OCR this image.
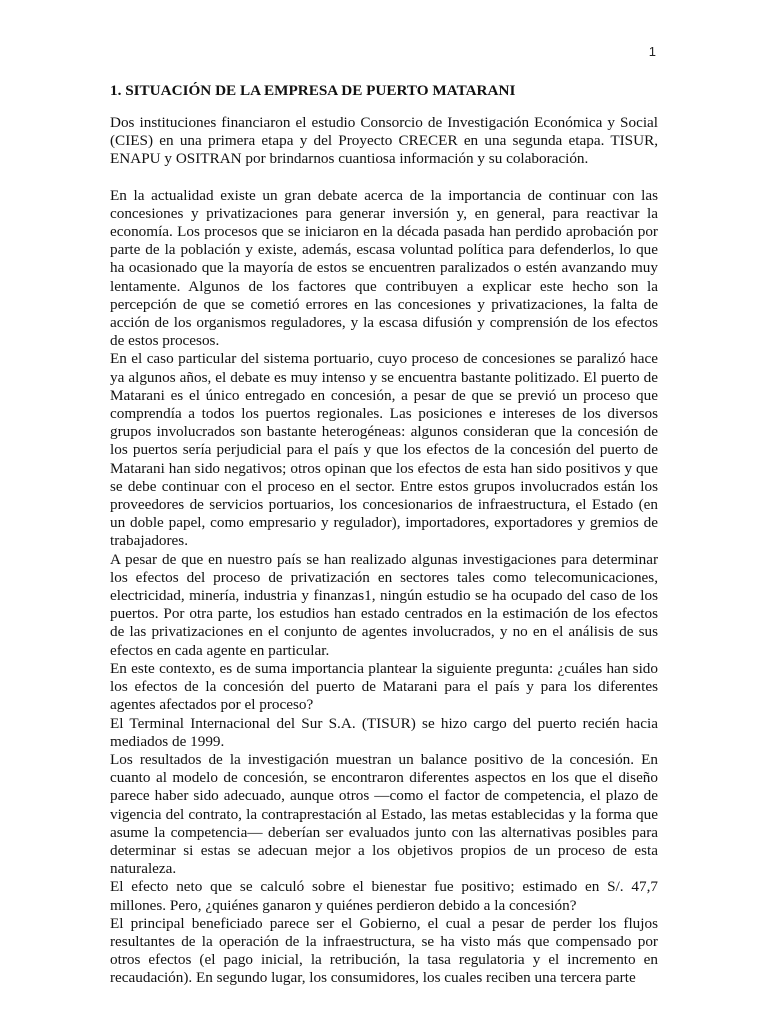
1
1. SITUACIÓN DE LA EMPRESA DE PUERTO MATARANI

Dos instituciones financiaron el estudio Consorcio de Investigación Económica y Social (CIES) en una primera etapa y del Proyecto CRECER en una segunda etapa. TISUR, ENAPU y OSITRAN por brindarnos cuantiosa información y su colaboración.

En la actualidad existe un gran debate acerca de la importancia de continuar con las concesiones y privatizaciones para generar inversión y, en general, para reactivar la economía. Los procesos que se iniciaron en la década pasada han perdido aprobación por parte de la población y existe, además, escasa voluntad política para defenderlos, lo que ha ocasionado que la mayoría de estos se encuentren paralizados o estén avanzando muy lentamente. Algunos de los factores que contribuyen a explicar este hecho son la percepción de que se cometió errores en las concesiones y privatizaciones, la falta de acción de los organismos reguladores, y la escasa difusión y comprensión de los efectos de estos procesos.

En el caso particular del sistema portuario, cuyo proceso de concesiones se paralizó hace ya algunos años, el debate es muy intenso y se encuentra bastante politizado. El puerto de Matarani es el único entregado en concesión, a pesar de que se previó un proceso que comprendía a todos los puertos regionales. Las posiciones e intereses de los diversos grupos involucrados son bastante heterogéneas: algunos consideran que la concesión de los puertos sería perjudicial para el país y que los efectos de la concesión del puerto de Matarani han sido negativos; otros opinan que los efectos de esta han sido positivos y que se debe continuar con el proceso en el sector. Entre estos grupos involucrados están los proveedores de servicios portuarios, los concesionarios de infraestructura, el Estado (en un doble papel, como empresario y regulador), importadores, exportadores y gremios de trabajadores.

A pesar de que en nuestro país se han realizado algunas investigaciones para determinar los efectos del proceso de privatización en sectores tales como telecomunicaciones, electricidad, minería, industria y finanzas1, ningún estudio se ha ocupado del caso de los puertos. Por otra parte, los estudios han estado centrados en la estimación de los efectos de las privatizaciones en el conjunto de agentes involucrados, y no en el análisis de sus efectos en cada agente en particular.

En este contexto, es de suma importancia plantear la siguiente pregunta: ¿cuáles han sido los efectos de la concesión del puerto de Matarani para el país y para los diferentes agentes afectados por el proceso?

El Terminal Internacional del Sur S.A. (TISUR) se hizo cargo del puerto recién hacia mediados de 1999.

Los resultados de la investigación muestran un balance positivo de la concesión. En cuanto al modelo de concesión, se encontraron diferentes aspectos en los que el diseño parece haber sido adecuado, aunque otros —como el factor de competencia, el plazo de vigencia del contrato, la contraprestación al Estado, las metas establecidas y la forma que asume la competencia— deberían ser evaluados junto con las alternativas posibles para determinar si estas se adecuan mejor a los objetivos propios de un proceso de esta naturaleza.

El efecto neto que se calculó sobre el bienestar fue positivo; estimado en S/. 47,7 millones. Pero, ¿quiénes ganaron y quiénes perdieron debido a la concesión?

El principal beneficiado parece ser el Gobierno, el cual a pesar de perder los flujos resultantes de la operación de la infraestructura, se ha visto más que compensado por otros efectos (el pago inicial, la retribución, la tasa regulatoria y el incremento en recaudación). En segundo lugar, los consumidores, los cuales reciben una tercera parte
